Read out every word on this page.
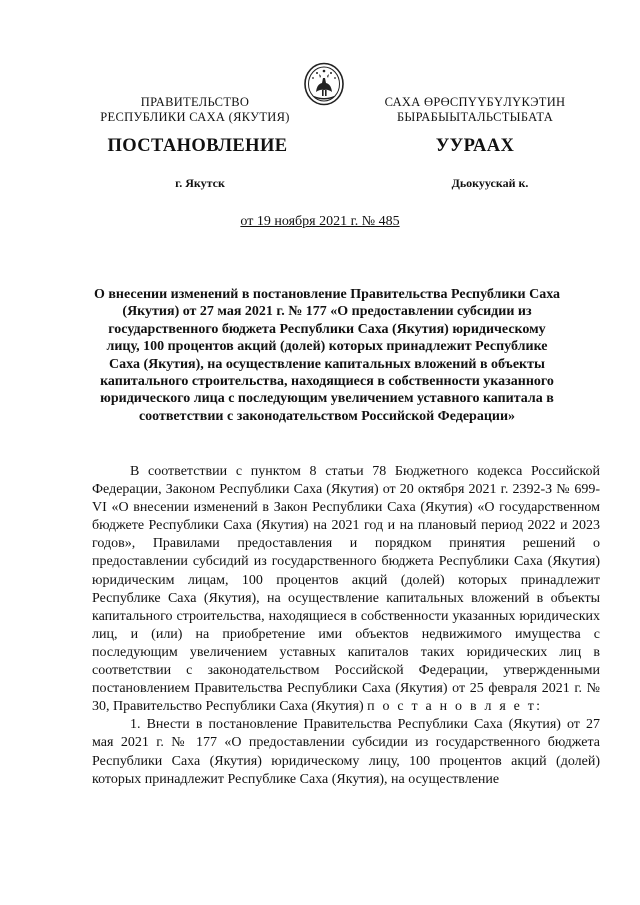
ПРАВИТЕЛЬСТВО
РЕСПУБЛИКИ САХА (ЯКУТИЯ)
САХА ӨРӨСПҮҮБҮЛҮКЭТИН
БЫРАБЫЫТАЛЬСТЫБАТА
ПОСТАНОВЛЕНИЕ	УУРААХ
г. Якутск	Дьокуускай к.
от 19 ноября 2021 г. № 485
О внесении изменений в постановление Правительства Республики Саха (Якутия) от 27 мая 2021 г. № 177 «О предоставлении субсидии из государственного бюджета Республики Саха (Якутия) юридическому лицу, 100 процентов акций (долей) которых принадлежит Республике Саха (Якутия), на осуществление капитальных вложений в объекты капитального строительства, находящиеся в собственности указанного юридического лица с последующим увеличением уставного капитала в соответствии с законодательством Российской Федерации»

В соответствии с пунктом 8 статьи 78 Бюджетного кодекса Российской Федерации, Законом Республики Саха (Якутия) от 20 октября 2021 г. 2392-З № 699-VI «О внесении изменений в Закон Республики Саха (Якутия) «О государственном бюджете Республики Саха (Якутия) на 2021 год и на плановый период 2022 и 2023 годов», Правилами предоставления и порядком принятия решений о предоставлении субсидий из государственного бюджета Республики Саха (Якутия) юридическим лицам, 100 процентов акций (долей) которых принадлежит Республике Саха (Якутия), на осуществление капитальных вложений в объекты капитального строительства, находящиеся в собственности указанных юридических лиц, и (или) на приобретение ими объектов недвижимого имущества с последующим увеличением уставных капиталов таких юридических лиц в соответствии с законодательством Российской Федерации, утвержденными постановлением Правительства Республики Саха (Якутия) от 25 февраля 2021 г. № 30, Правительство Республики Саха (Якутия) п о с т а н о в л я е т:

1. Внести в постановление Правительства Республики Саха (Якутия) от 27 мая 2021 г. № 177 «О предоставлении субсидии из государственного бюджета Республики Саха (Якутия) юридическому лицу, 100 процентов акций (долей) которых принадлежит Республике Саха (Якутия), на осуществление
